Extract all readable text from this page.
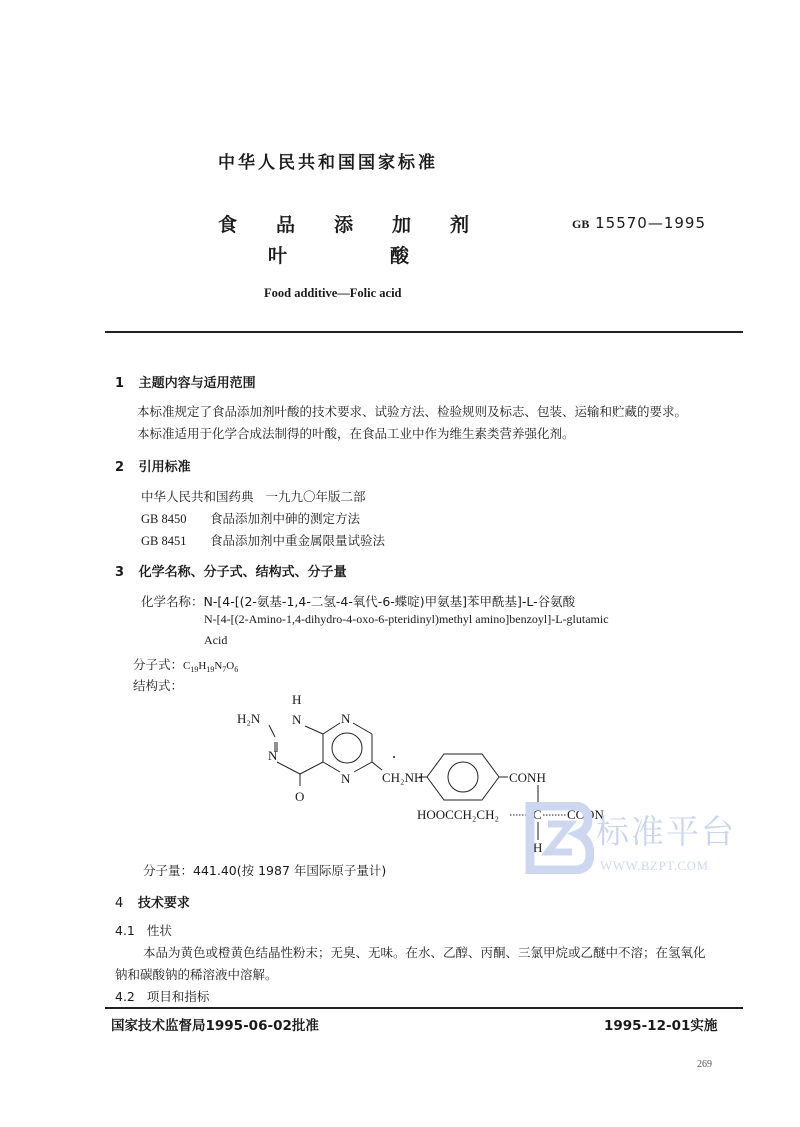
中华人民共和国国家标准
食 品 添 加 剂
叶	酸
GB 15570—1995
Food additive—Folic acid
1 主题内容与适用范围
本标准规定了食品添加剂叶酸的技术要求、试验方法、检验规则及标志、包装、运输和贮藏的要求。
本标准适用于化学合成法制得的叶酸，在食品工业中作为维生素类营养强化剂。
2 引用标准
中华人民共和国药典 一九九〇年版二部
GB 8450 食品添加剂中砷的测定方法
GB 8451 食品添加剂中重金属限量试验法
3 化学名称、分子式、结构式、分子量
化学名称：N-[4-[(2-氨基-1,4-二氢-4-氧代-6-蝶啶)甲氨基]苯甲酰基]-L-谷氨酸
N-[4-[(2-Amino-1,4-dihydro-4-oxo-6-pteridinyl)methyl amino]benzoyl]-L-glutamic
Acid
分子式：$C_{19}H_{19}N_7O_6$
结构式：
H
H₂N N
N
N
N
O
CH₂NH	CONH
HOOCCH₂CH₂	C COON
H 标准平台
WWW.BZPT.COM
分子量：441.40(按 1987 年国际原子量计)
4 技术要求
4.1 性状
本品为黄色或橙黄色结晶性粉末；无臭、无味。在水、乙醇、丙酮、三氯甲烷或乙醚中不溶；在氢氧化
钠和碳酸钠的稀溶液中溶解。
4.2 项目和指标
国家技术监督局1995-06-02批准	1995-12-01实施
269
